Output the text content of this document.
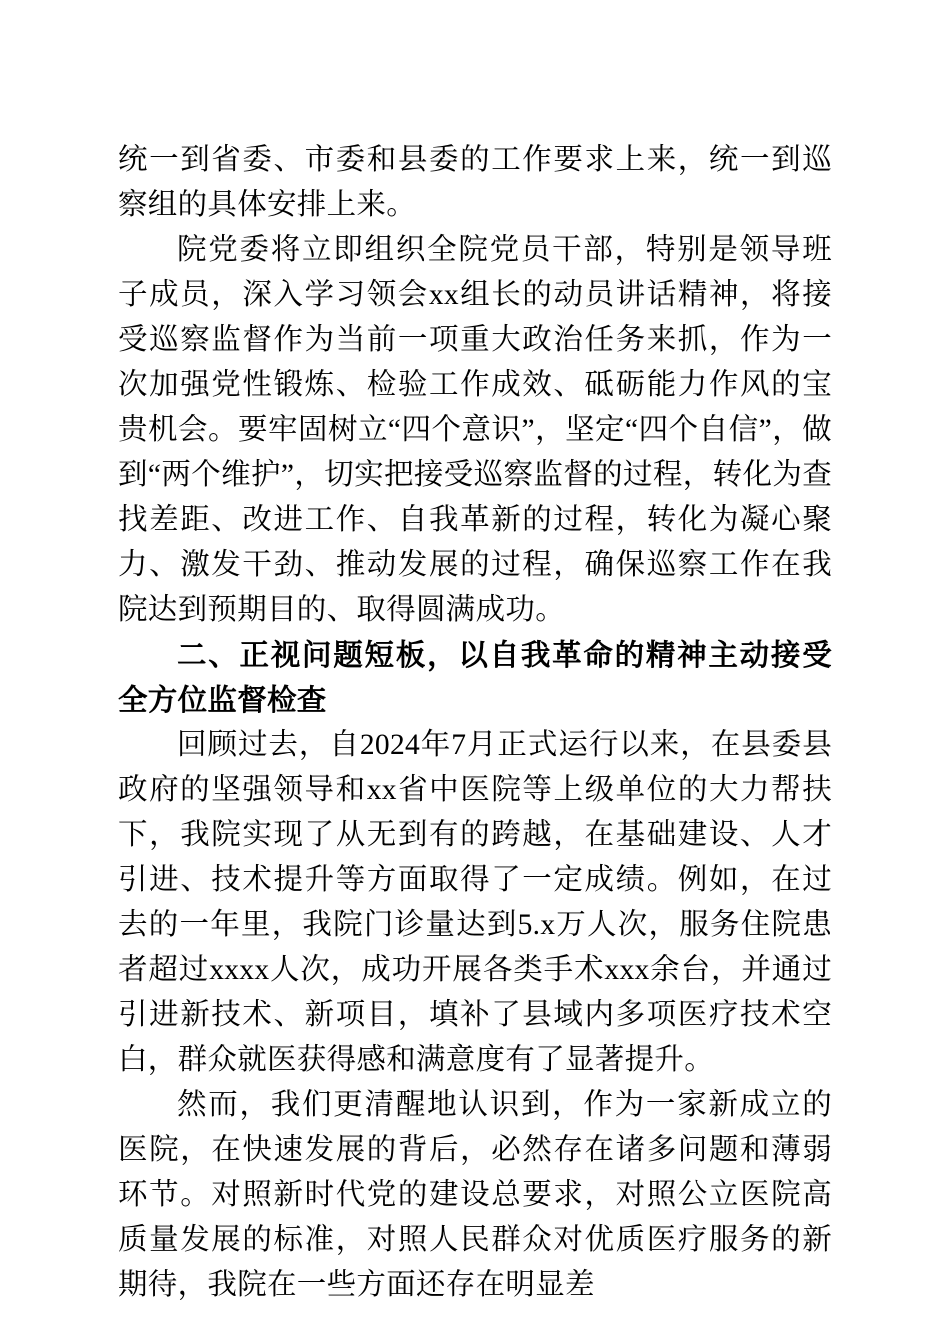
统一到省委、市委和县委的工作要求上来，统一到巡察组的具体安排上来。

院党委将立即组织全院党员干部，特别是领导班子成员，深入学习领会xx组长的动员讲话精神，将接受巡察监督作为当前一项重大政治任务来抓，作为一次加强党性锻炼、检验工作成效、砥砺能力作风的宝贵机会。要牢固树立“四个意识”，坚定“四个自信”，做到“两个维护”，切实把接受巡察监督的过程，转化为查找差距、改进工作、自我革新的过程，转化为凝心聚力、激发干劲、推动发展的过程，确保巡察工作在我院达到预期目的、取得圆满成功。

二、正视问题短板，以自我革命的精神主动接受全方位监督检查

回顾过去，自2024年7月正式运行以来，在县委县政府的坚强领导和xx省中医院等上级单位的大力帮扶下，我院实现了从无到有的跨越，在基础建设、人才引进、技术提升等方面取得了一定成绩。例如，在过去的一年里，我院门诊量达到5.x万人次，服务住院患者超过xxxx人次，成功开展各类手术xxx余台，并通过引进新技术、新项目，填补了县域内多项医疗技术空白，群众就医获得感和满意度有了显著提升。

然而，我们更清醒地认识到，作为一家新成立的医院，在快速发展的背后，必然存在诸多问题和薄弱环节。对照新时代党的建设总要求，对照公立医院高质量发展的标准，对照人民群众对优质医疗服务的新期待，我院在一些方面还存在明显差
